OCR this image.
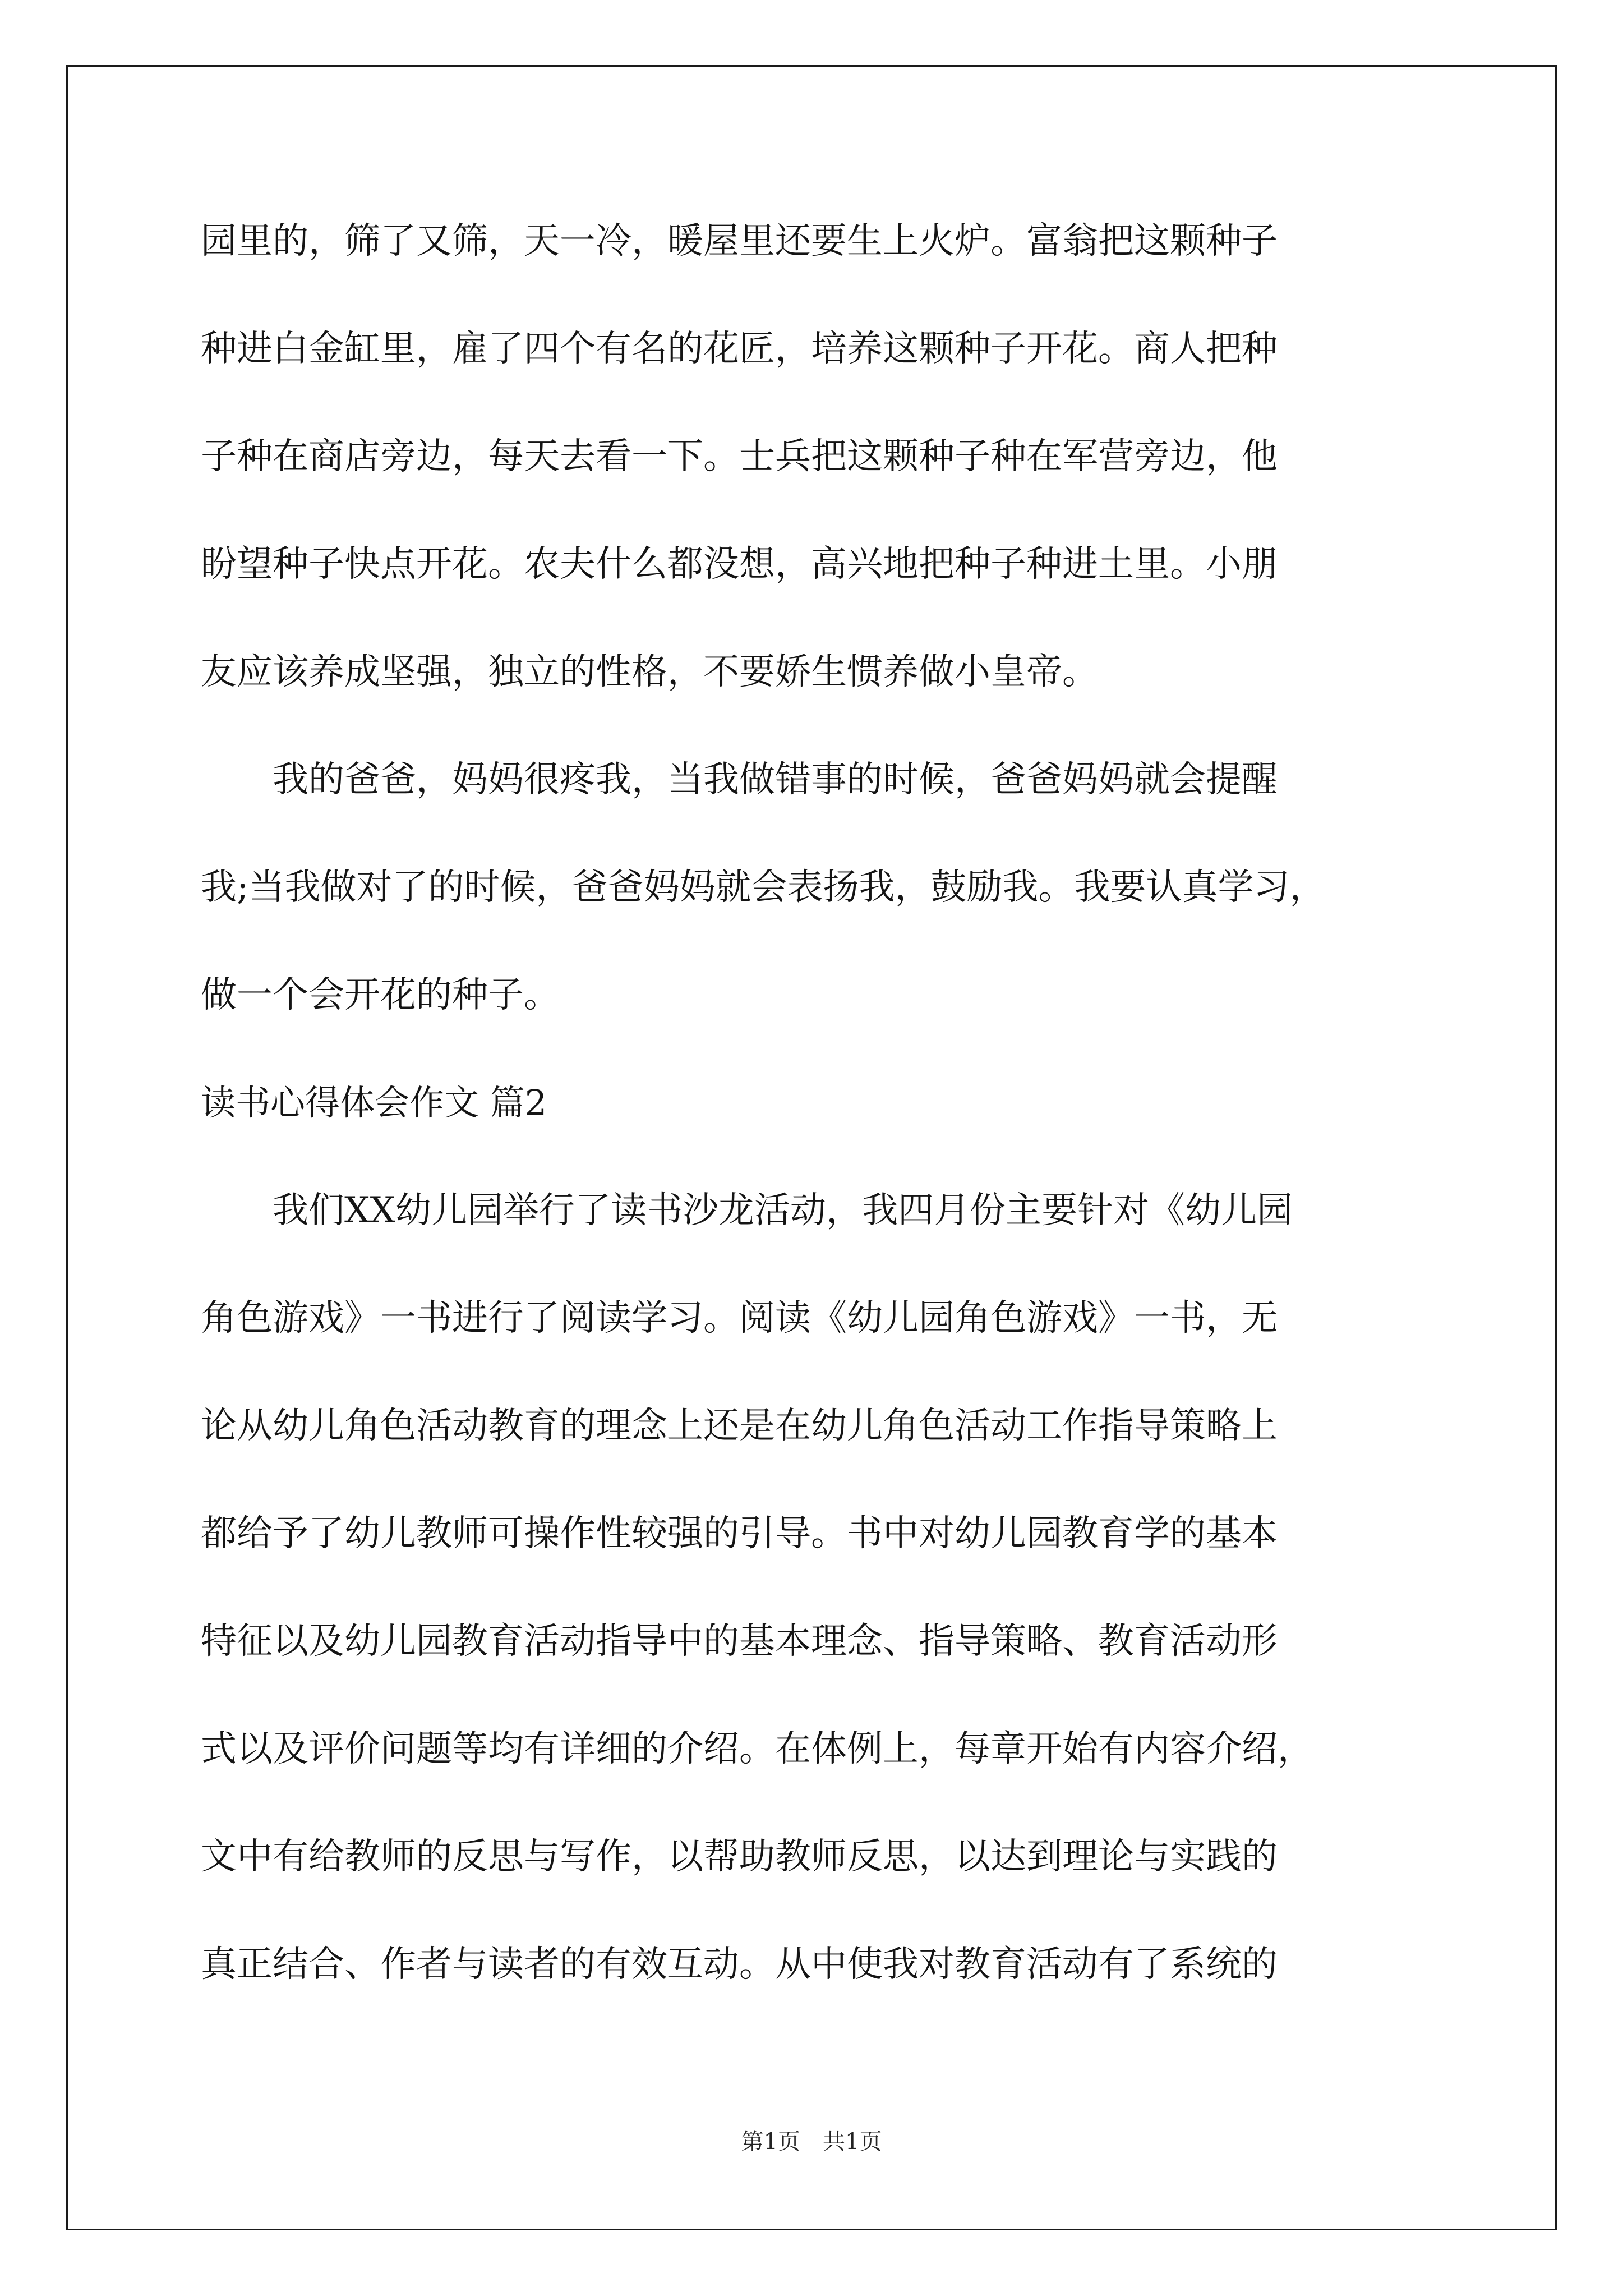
园里的，筛了又筛，天一冷，暖屋里还要生上火炉。富翁把这颗种子
种进白金缸里，雇了四个有名的花匠，培养这颗种子开花。商人把种
子种在商店旁边，每天去看一下。士兵把这颗种子种在军营旁边，他
盼望种子快点开花。农夫什么都没想，高兴地把种子种进土里。小朋
友应该养成坚强，独立的性格，不要娇生惯养做小皇帝。
　　我的爸爸，妈妈很疼我，当我做错事的时候，爸爸妈妈就会提醒
我;当我做对了的时候，爸爸妈妈就会表扬我，鼓励我。我要认真学习，
做一个会开花的种子。
读书心得体会作文 篇2
　　我们XX幼儿园举行了读书沙龙活动，我四月份主要针对《幼儿园
角色游戏》一书进行了阅读学习。阅读《幼儿园角色游戏》一书，无
论从幼儿角色活动教育的理念上还是在幼儿角色活动工作指导策略上
都给予了幼儿教师可操作性较强的引导。书中对幼儿园教育学的基本
特征以及幼儿园教育活动指导中的基本理念、指导策略、教育活动形
式以及评价问题等均有详细的介绍。在体例上，每章开始有内容介绍，
文中有给教师的反思与写作，以帮助教师反思，以达到理论与实践的
真正结合、作者与读者的有效互动。从中使我对教育活动有了系统的
第1页　共1页
